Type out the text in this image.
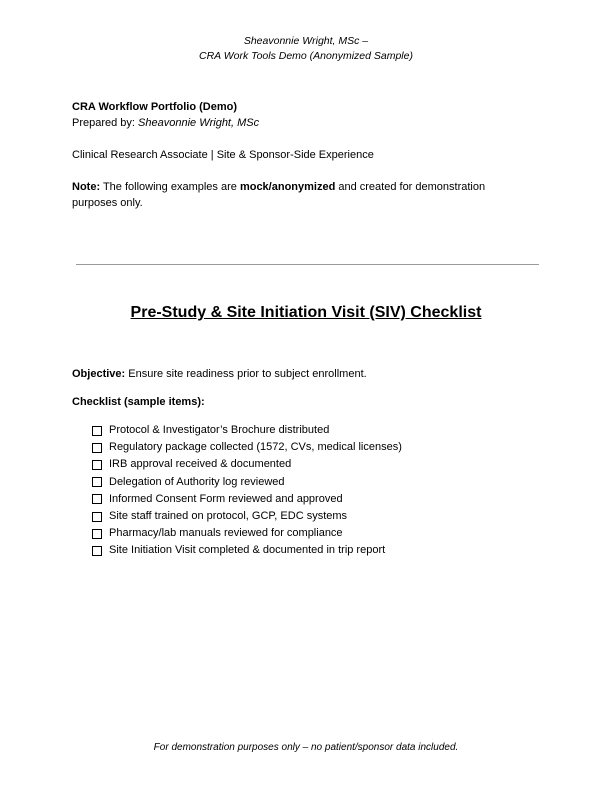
Sheavonnie Wright, MSc –
CRA Work Tools Demo (Anonymized Sample)
CRA Workflow Portfolio (Demo)
Prepared by: Sheavonnie Wright, MSc
Clinical Research Associate | Site & Sponsor-Side Experience
Note: The following examples are mock/anonymized and created for demonstration
purposes only.
Pre-Study & Site Initiation Visit (SIV) Checklist
Objective: Ensure site readiness prior to subject enrollment.
Checklist (sample items):
Protocol & Investigator’s Brochure distributed
Regulatory package collected (1572, CVs, medical licenses)
IRB approval received & documented
Delegation of Authority log reviewed
Informed Consent Form reviewed and approved
Site staff trained on protocol, GCP, EDC systems
Pharmacy/lab manuals reviewed for compliance
Site Initiation Visit completed & documented in trip report
For demonstration purposes only – no patient/sponsor data included.
